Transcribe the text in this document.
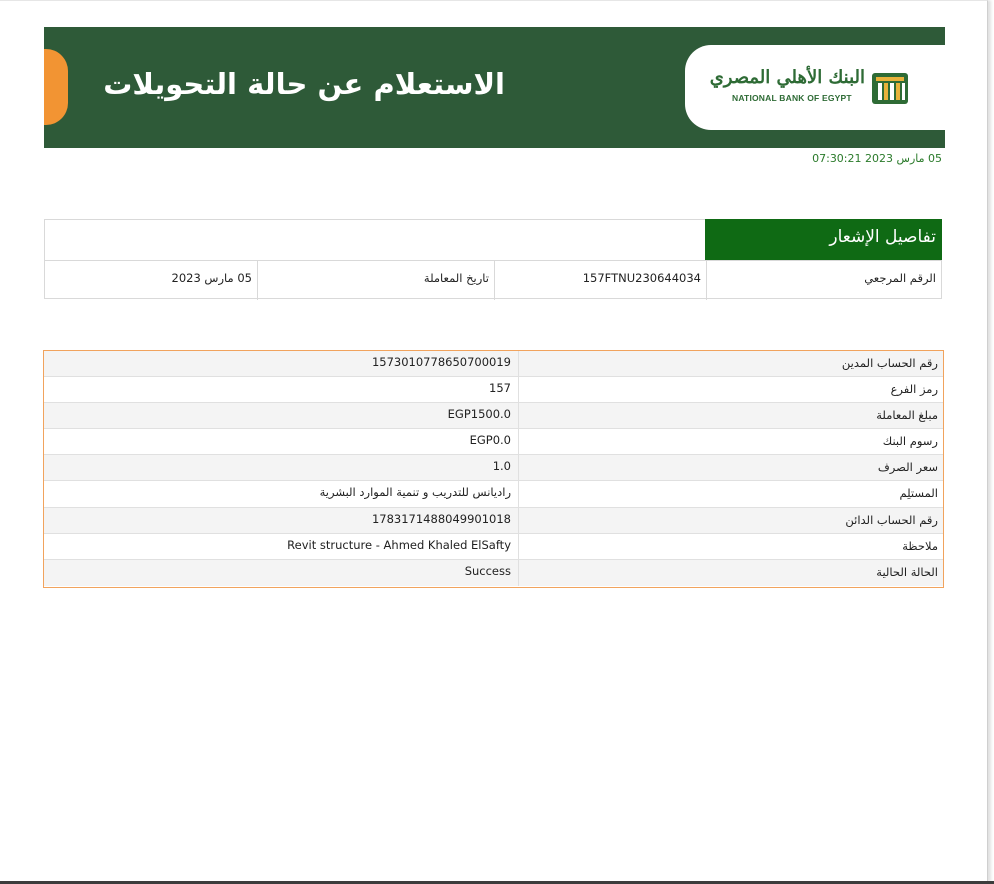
الاستعلام عن حالة التحويلات	البنك الأهلي المصري
NATIONAL BANK OF EGYPT
05 مارس 2023 07:30:21
تفاصيل الإشعار
الرقم المرجعي
157FTNU230644034
تاريخ المعاملة
05 مارس 2023
رقم الحساب المدين
1573010778650700019
رمز الفرع
157
مبلغ المعاملة
EGP1500.0
رسوم البنك
EGP0.0
سعر الصرف
1.0
المستلِم
راديانس للتدريب و تنمية الموارد البشرية
رقم الحساب الدائن
1783171488049901018
ملاحظة
Revit structure - Ahmed Khaled ElSafty
الحالة الحالية
Success
